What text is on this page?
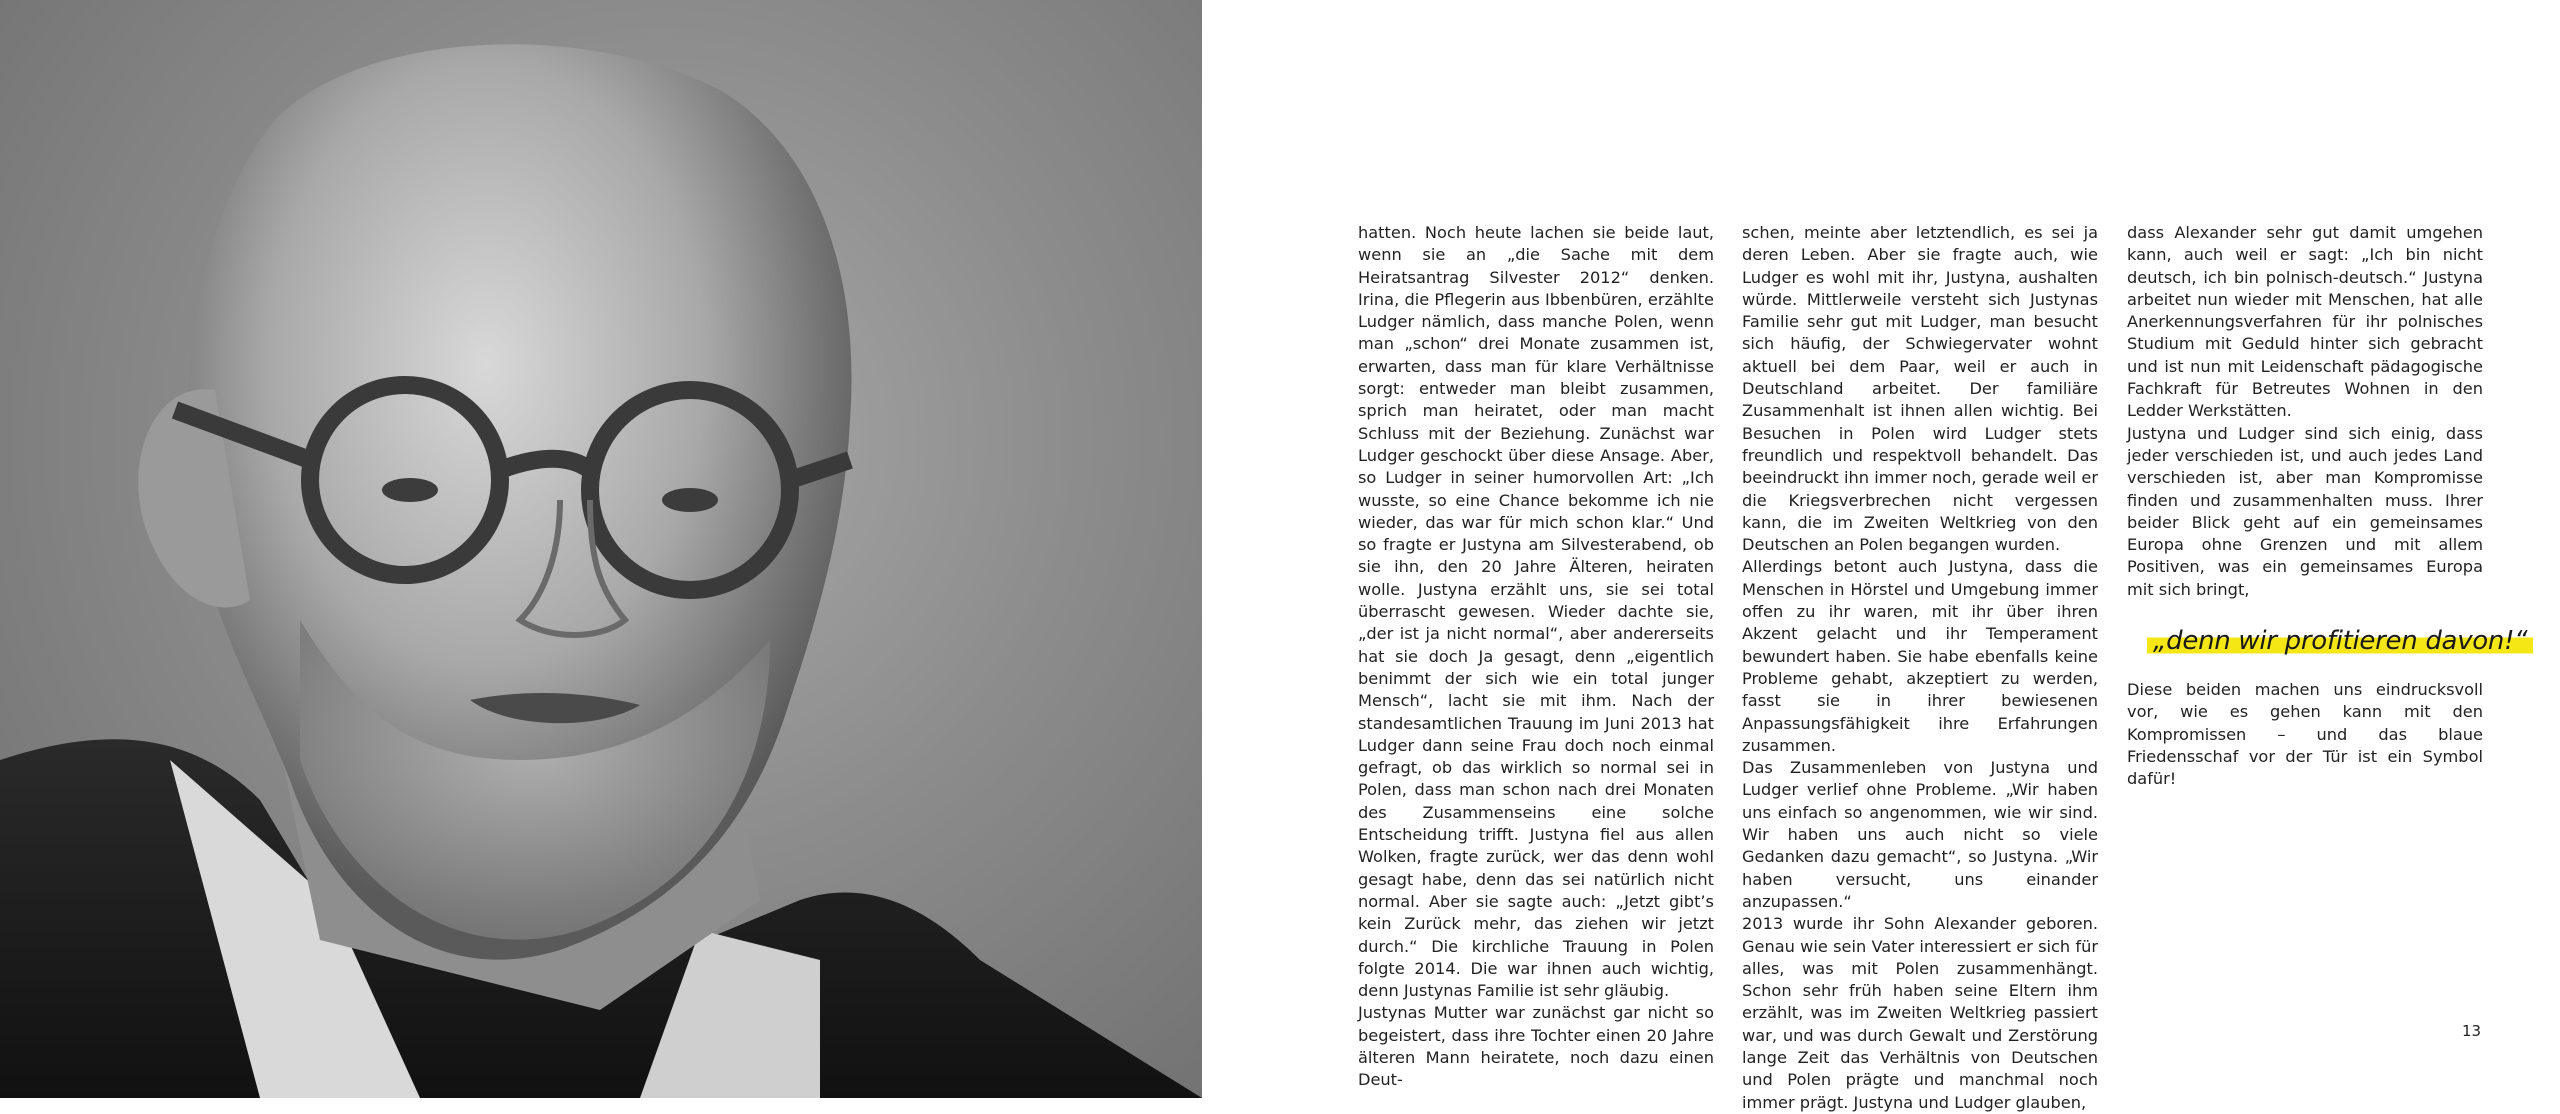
hatten. Noch heute lachen sie beide laut, wenn sie an „die Sache mit dem Heiratsantrag Silvester 2012“ denken. Irina, die Pflegerin aus Ibbenbüren, erzählte Ludger nämlich, dass manche Polen, wenn man „schon“ drei Monate zusammen ist, erwarten, dass man für klare Verhältnisse sorgt: entweder man bleibt zusammen, sprich man heiratet, oder man macht Schluss mit der Beziehung. Zunächst war Ludger geschockt über diese Ansage. Aber, so Ludger in seiner humorvollen Art: „Ich wusste, so eine Chance bekomme ich nie wieder, das war für mich schon klar.“ Und so fragte er Justyna am Silvesterabend, ob sie ihn, den 20 Jahre Älteren, heiraten wolle. Justyna erzählt uns, sie sei total überrascht gewesen. Wieder dachte sie, „der ist ja nicht normal“, aber andererseits hat sie doch Ja gesagt, denn „eigentlich benimmt der sich wie ein total junger Mensch“, lacht sie mit ihm. Nach der standesamtlichen Trauung im Juni 2013 hat Ludger dann seine Frau doch noch einmal gefragt, ob das wirklich so normal sei in Polen, dass man schon nach drei Monaten des Zusammenseins eine solche Entscheidung trifft. Justyna fiel aus allen Wolken, fragte zurück, wer das denn wohl gesagt habe, denn das sei natürlich nicht normal. Aber sie sagte auch: „Jetzt gibt’s kein Zurück mehr, das ziehen wir jetzt durch.“ Die kirchliche Trauung in Polen folgte 2014. Die war ihnen auch wichtig, denn Justynas Familie ist sehr gläubig.

Justynas Mutter war zunächst gar nicht so begeistert, dass ihre Tochter einen 20 Jahre älteren Mann heiratete, noch dazu einen Deut-

schen, meinte aber letztendlich, es sei ja deren Leben. Aber sie fragte auch, wie Ludger es wohl mit ihr, Justyna, aushalten würde. Mittlerweile versteht sich Justynas Familie sehr gut mit Ludger, man besucht sich häufig, der Schwiegervater wohnt aktuell bei dem Paar, weil er auch in Deutschland arbeitet. Der familiäre Zusammenhalt ist ihnen allen wichtig. Bei Besuchen in Polen wird Ludger stets freundlich und respektvoll behandelt. Das beeindruckt ihn immer noch, gerade weil er die Kriegsverbrechen nicht vergessen kann, die im Zweiten Weltkrieg von den Deutschen an Polen begangen wurden.

Allerdings betont auch Justyna, dass die Menschen in Hörstel und Umgebung immer offen zu ihr waren, mit ihr über ihren Akzent gelacht und ihr Temperament bewundert haben. Sie habe ebenfalls keine Probleme gehabt, akzeptiert zu werden, fasst sie in ihrer bewiesenen Anpassungsfähigkeit ihre Erfahrungen zusammen.

Das Zusammenleben von Justyna und Ludger verlief ohne Probleme. „Wir haben uns einfach so angenommen, wie wir sind. Wir haben uns auch nicht so viele Gedanken dazu gemacht“, so Justyna. „Wir haben versucht, uns einander anzupassen.“

2013 wurde ihr Sohn Alexander geboren. Genau wie sein Vater interessiert er sich für alles, was mit Polen zusammenhängt. Schon sehr früh haben seine Eltern ihm erzählt, was im Zweiten Weltkrieg passiert war, und was durch Gewalt und Zerstörung lange Zeit das Verhältnis von Deutschen und Polen prägte und manchmal noch immer prägt. Justyna und Ludger glauben,

dass Alexander sehr gut damit umgehen kann, auch weil er sagt: „Ich bin nicht deutsch, ich bin polnisch-deutsch.“ Justyna arbeitet nun wieder mit Menschen, hat alle Anerkennungsverfahren für ihr polnisches Studium mit Geduld hinter sich gebracht und ist nun mit Leidenschaft pädagogische Fachkraft für Betreutes Wohnen in den Ledder Werkstätten.

Justyna und Ludger sind sich einig, dass jeder verschieden ist, und auch jedes Land verschieden ist, aber man Kompromisse finden und zusammenhalten muss. Ihrer beider Blick geht auf ein gemeinsames Europa ohne Grenzen und mit allem Positiven, was ein gemeinsames Europa mit sich bringt,

„denn wir profitieren davon!“

Diese beiden machen uns eindrucksvoll vor, wie es gehen kann mit den Kompromissen – und das blaue Friedensschaf vor der Tür ist ein Symbol dafür!

13
